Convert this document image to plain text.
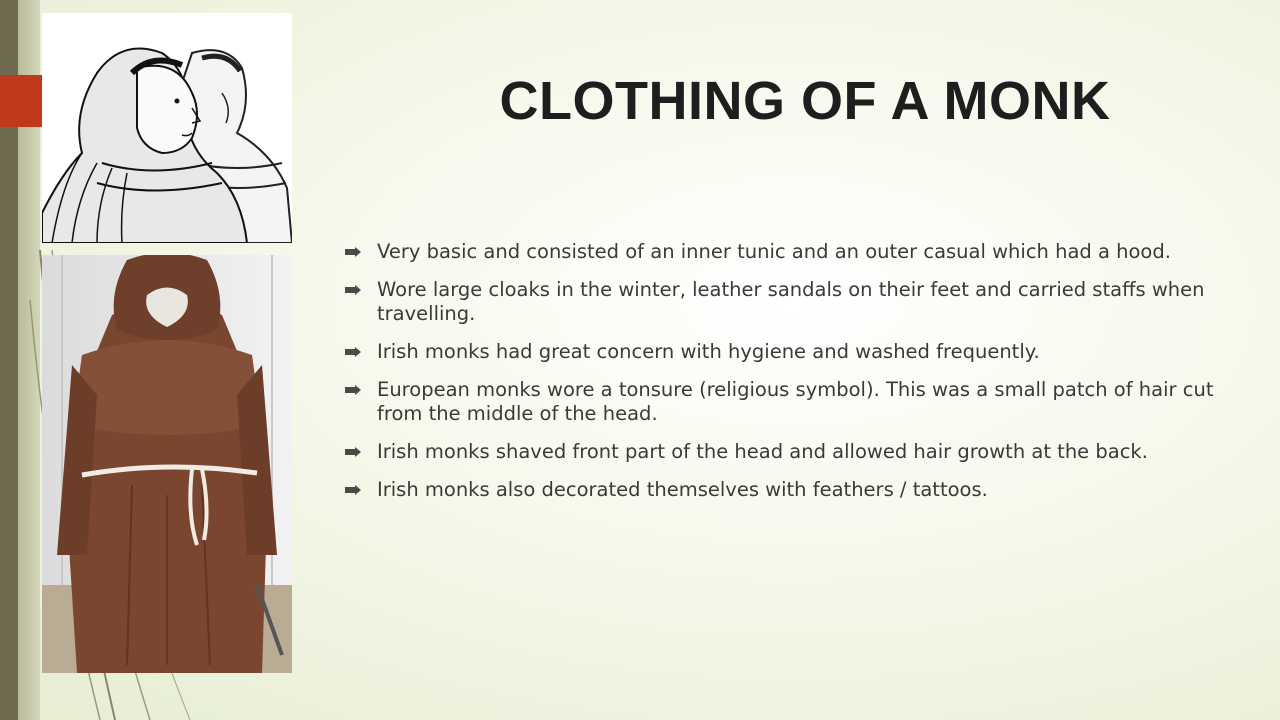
CLOTHING OF A MONK
Very basic and consisted of an inner tunic and an outer casual which had a hood.
Wore large cloaks in the winter, leather sandals on their feet and carried staffs when travelling.
Irish monks had great concern with hygiene and washed frequently.
European monks wore a tonsure (religious symbol). This was a small patch of hair cut from the middle of the head.
Irish monks shaved front part of the head and allowed hair growth at the back.
Irish monks also decorated themselves with feathers / tattoos.
